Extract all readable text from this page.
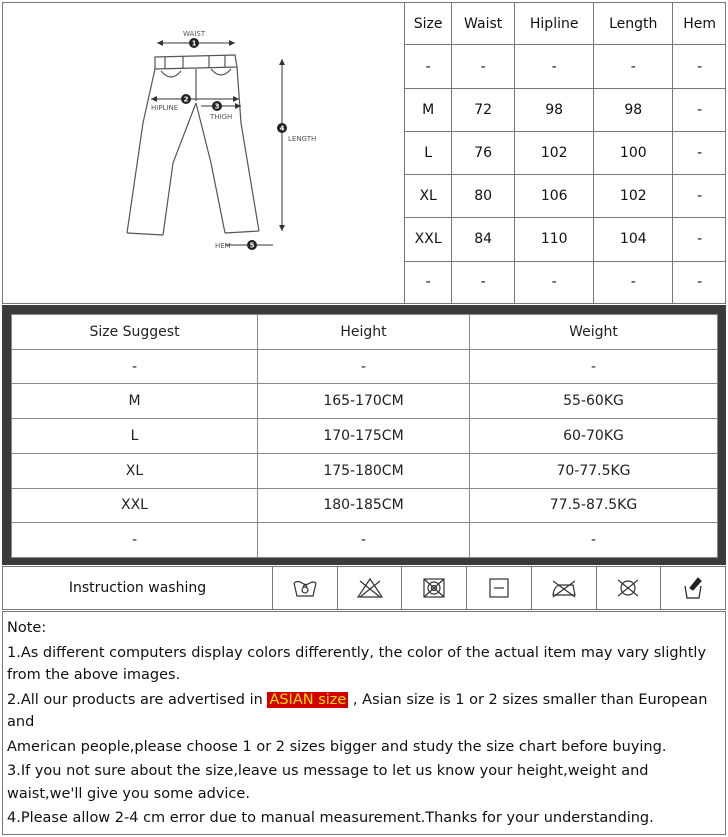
1
2
3
4
5
WAIST
HIPLINE
THIGH
LENGTH
HEM
Size	Waist	Hipline	Length	Hem
-	-	-	-	-
M	72	98	98	-
L	76	102	100	-
XL	80	106	102	-
XXL	84	110	104	-
-	-	-	-	-
Size Suggest	Height	Weight
-	-	-
M	165-170CM	55-60KG
L	170-175CM	60-70KG
XL	175-180CM	70-77.5KG
XXL	180-185CM	77.5-87.5KG
-	-	-
Instruction washing

Note:

1.As different computers display colors differently, the color of the actual item may vary slightly from the above images.

2.All our products are advertised in ASIAN size , Asian size is 1 or 2 sizes smaller than European and

American people,please choose 1 or 2 sizes bigger and study the size chart before buying.

3.If you not sure about the size,leave us message to let us know your height,weight and waist,we'll give you some advice.

4.Please allow 2-4 cm error due to manual measurement.Thanks for your understanding.
